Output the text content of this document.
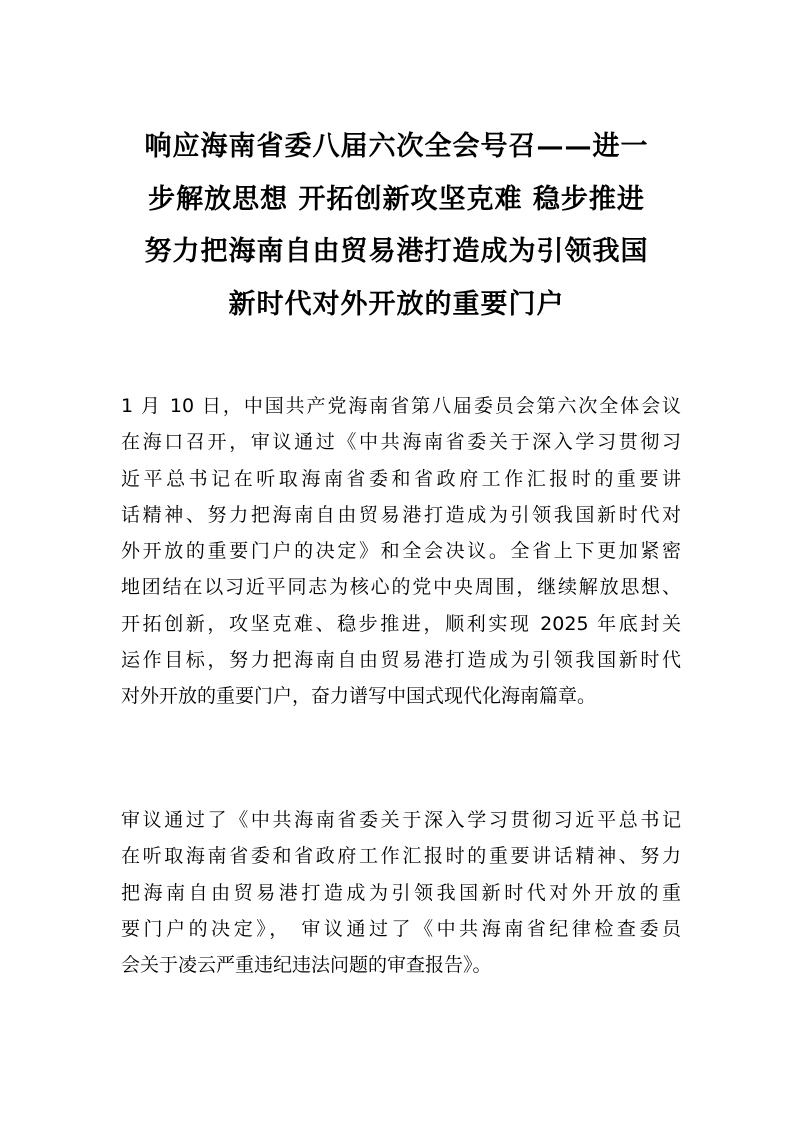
响应海南省委八届六次全会号召——进一
步解放思想 开拓创新攻坚克难 稳步推进
努力把海南自由贸易港打造成为引领我国
新时代对外开放的重要门户
1 月 10 日，中国共产党海南省第八届委员会第六次全体会议
在海口召开，审议通过《中共海南省委关于深入学习贯彻习
近平总书记在听取海南省委和省政府工作汇报时的重要讲
话精神、努力把海南自由贸易港打造成为引领我国新时代对
外开放的重要门户的决定》和全会决议。全省上下更加紧密
地团结在以习近平同志为核心的党中央周围，继续解放思想、
开拓创新，攻坚克难、稳步推进，顺利实现 2025 年底封关
运作目标，努力把海南自由贸易港打造成为引领我国新时代
对外开放的重要门户，奋力谱写中国式现代化海南篇章。
审议通过了《中共海南省委关于深入学习贯彻习近平总书记
在听取海南省委和省政府工作汇报时的重要讲话精神、努力
把海南自由贸易港打造成为引领我国新时代对外开放的重
要门户的决定》， 审议通过了《中共海南省纪律检查委员
会关于凌云严重违纪违法问题的审查报告》。
